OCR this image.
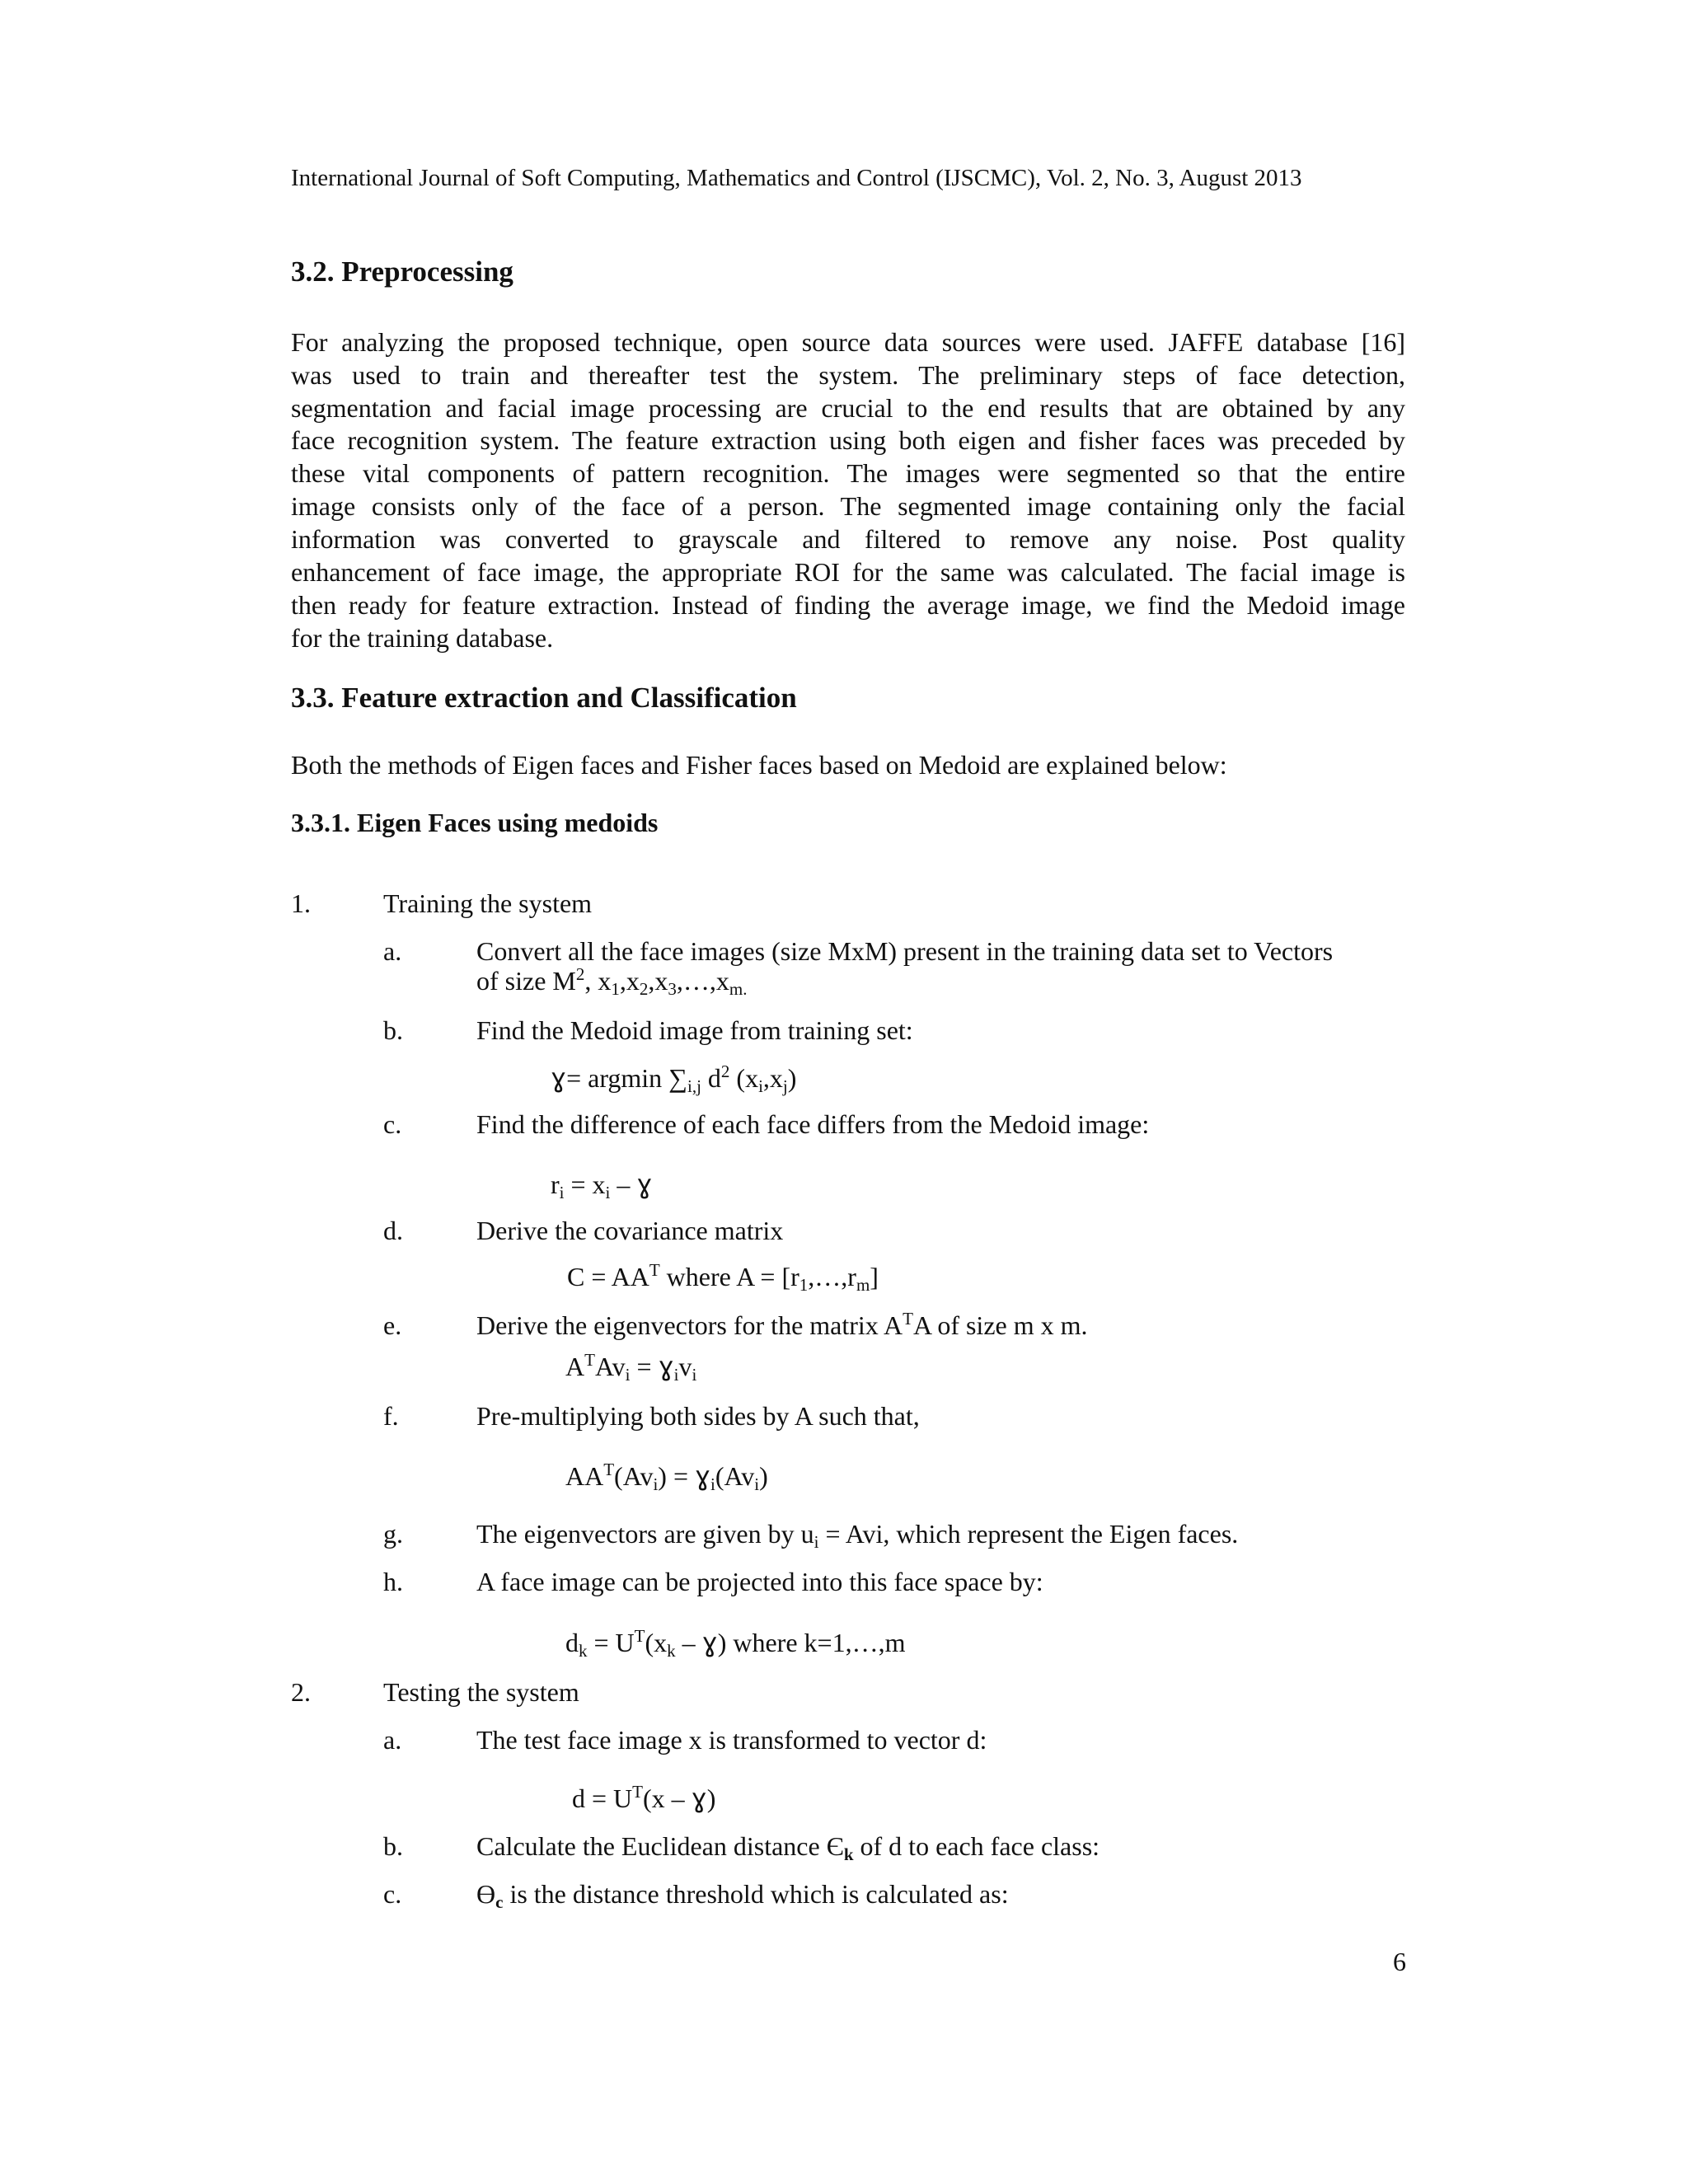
International Journal of Soft Computing, Mathematics and Control (IJSCMC), Vol. 2, No. 3, August 2013
3.2. Preprocessing
For analyzing the proposed technique, open source data sources were used. JAFFE database [16]
was used to train and thereafter test the system. The preliminary steps of face detection,
segmentation and facial image processing are crucial to the end results that are obtained by any
face recognition system. The feature extraction using both eigen and fisher faces was preceded by
these vital components of pattern recognition. The images were segmented so that the entire
image consists only of the face of a person. The segmented image containing only the facial
information was converted to grayscale and filtered to remove any noise. Post quality
enhancement of face image, the appropriate ROI for the same was calculated. The facial image is
then ready for feature extraction. Instead of finding the average image, we find the Medoid image
for the training database.
3.3. Feature extraction and Classification
Both the methods of Eigen faces and Fisher faces based on Medoid are explained below:
3.3.1. Eigen Faces using medoids
1.	Training the system
a.	Convert all the face images (size MxM) present in the training data set to Vectors
of size $M^2$, $x_1,x_2,x_3,\dots,x_{m.}$
b.	Find the Medoid image from training set:
ɣ= argmin $\sum_{i,j}$ $d^2$ $(x_i,x_j)$
c.	Find the difference of each face differs from the Medoid image:
$r_i = x_i$ – ɣ
d.	Derive the covariance matrix
$C = AA^T$ where $A = [r_1,\dots,r_m]$
e.	Derive the eigenvectors for the matrix $A^TA$ of size m x m.
$A^TAv_i$ = $ɣ_iv_i$
f.	Pre-multiplying both sides by A such that,
$AA^T(Av_i)$ = $ɣ_i(Av_i)$
g.	The eigenvectors are given by $u_i$ = Avi, which represent the Eigen faces.
h.	A face image can be projected into this face space by:
$d_k = U^T(x_k$ – ɣ) where k=1,…,m
2.	Testing the system
a.	The test face image x is transformed to vector d:
$d = U^T(x$ – ɣ)
b.	Calculate the Euclidean distance $Є_k$ of d to each face class:
c.	$ϴ_c$ is the distance threshold which is calculated as:
6
